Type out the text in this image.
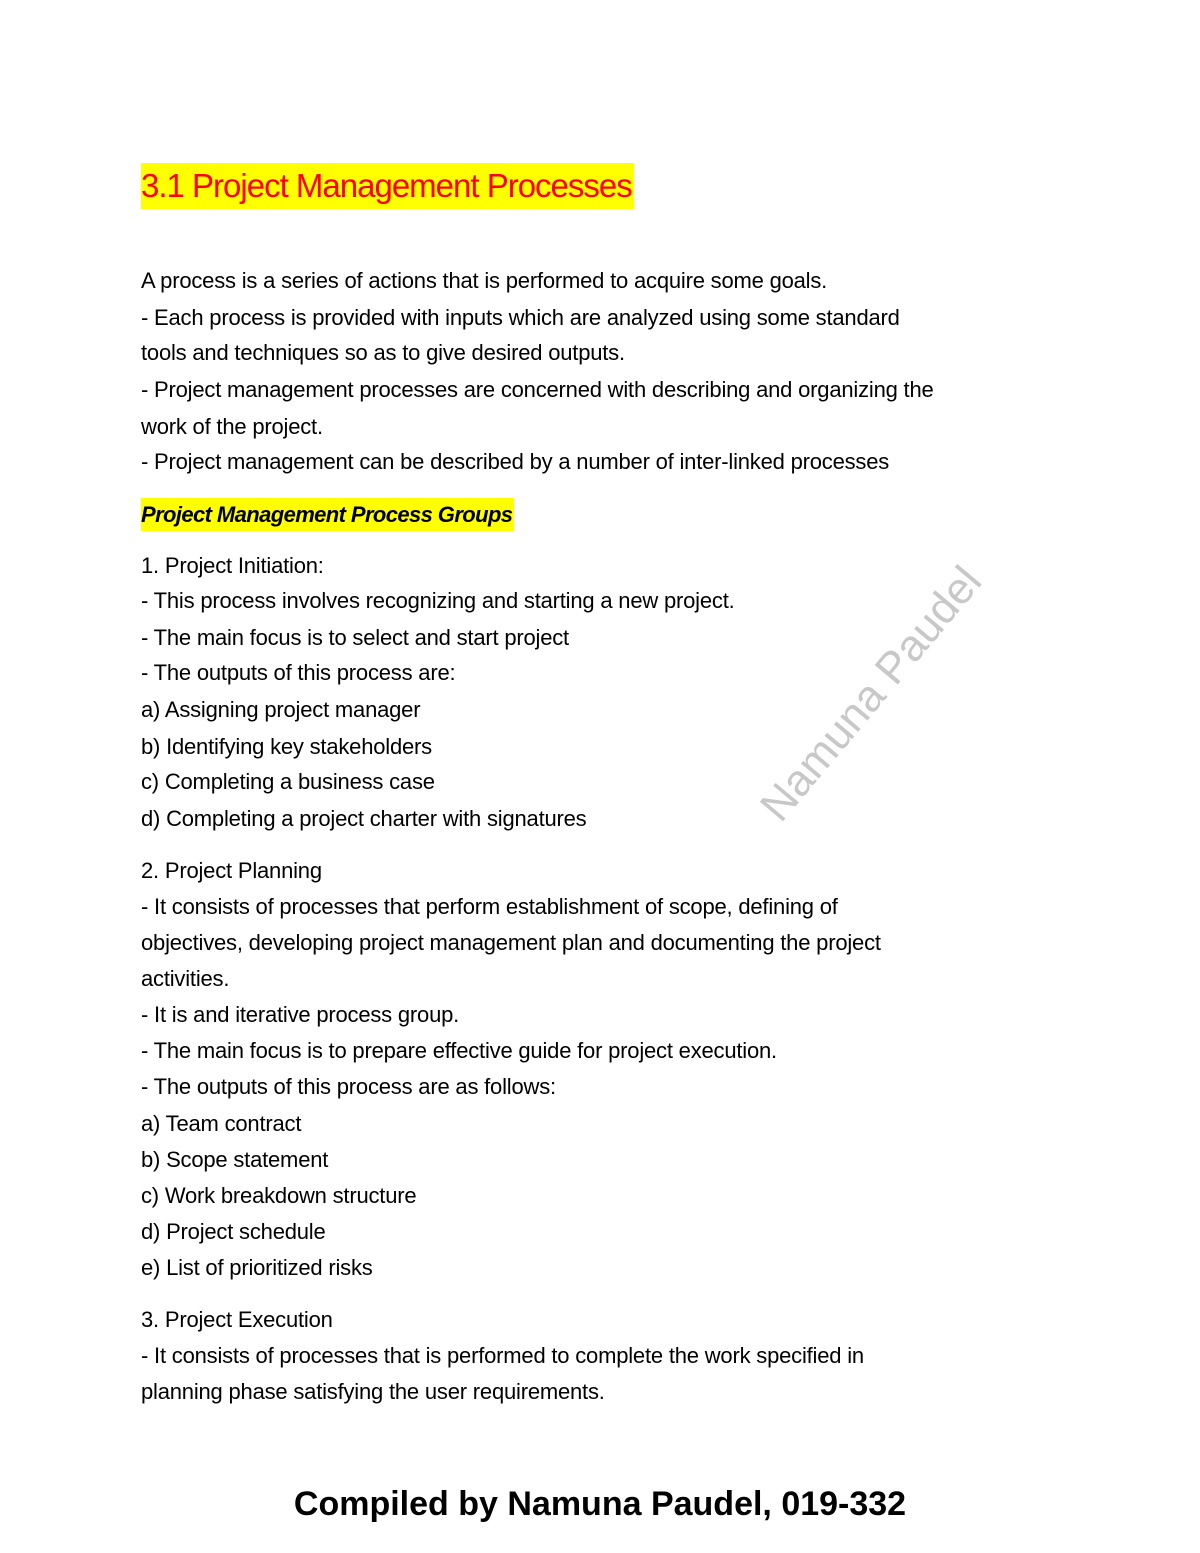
3.1 Project Management Processes
Project Management Process Groups
A process is a series of actions that is performed to acquire some goals.
- Each process is provided with inputs which are analyzed using some standard
tools and techniques so as to give desired outputs.
- Project management processes are concerned with describing and organizing the
work of the project.
- Project management can be described by a number of inter-linked processes
1. Project Initiation:
- This process involves recognizing and starting a new project.
- The main focus is to select and start project
- The outputs of this process are:
a) Assigning project manager
b) Identifying key stakeholders
c) Completing a business case
d) Completing a project charter with signatures
2. Project Planning
- It consists of processes that perform establishment of scope, defining of
objectives, developing project management plan and documenting the project
activities.
- It is and iterative process group.
- The main focus is to prepare effective guide for project execution.
- The outputs of this process are as follows:
a) Team contract
b) Scope statement
c) Work breakdown structure
d) Project schedule
e) List of prioritized risks
3. Project Execution
- It consists of processes that is performed to complete the work specified in
planning phase satisfying the user requirements.
Namuna Paudel
Compiled by Namuna Paudel, 019-332
